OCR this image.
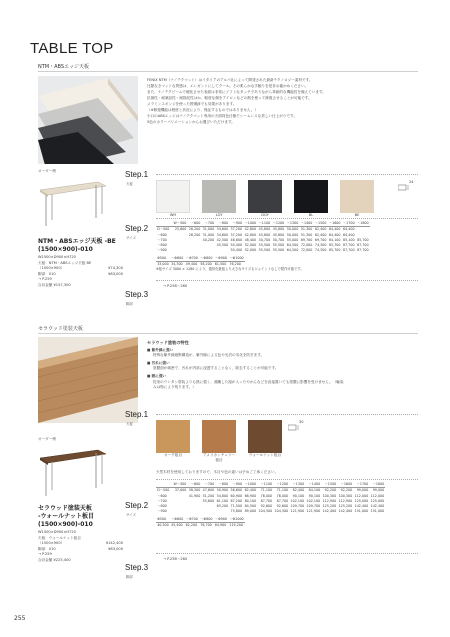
TABLE TOP
NTM・ABSエッジ天板
FENIX NTM（ナノテクマット）はイタリアのアルパ社によって開発された最新テクノロジー素材です。
比類なきマットな質感は、エレガントにしてクール。その柔らかな手触りを是非お確かめください。
また、ナノテクビームで硬化させた表面は非常にソフトなタッチでありながら革新的な機能性を備えています。
抗菌性・耐薬品性・耐指紋性はか、軽度な傷をアイロンなどの熱を使って修復させることが可能です。
メラミンスポンジを使った擦傷跡でも効果があります。
（※修復機能は程度と状況により、保証するものではありません。）
小口のABSエッジはナノテクマット専用の天面同色仕様でシームレスな美しい仕上がりです。
5色のカラーバリエーションからお選びいただけます。
オーダー例
NTM・ABSエッジ天板 -BE
(1500×900)-010
W1500×D900×H720
天板：NTM・ABSエッジ天板 BE
（1500×900）	¥74,300
脚部：010	¥83,000
→ P.259
合計金額 ¥157,300
Step.1
天板
WH	LGY	DGY	BL	BE
24
Step.2
サイズ
	W～500	～600	～700	～800	～900	～1000	～1100	～1200	～1300	～1400	～1500	～1600	～1700	～1800
D～500	25,600	26,200	31,000	34,600	37,200	42,800	45,800	45,800	50,000	51,300	62,400	64,400	64,400	
～600		26,200	31,000	34,600	37,200	42,800	45,800	45,800	50,000	51,300	62,400	64,400	64,400	
～700			40,200	42,500	46,800	48,400	50,700	50,700	55,000	69,700	69,700	84,100	85,100	85,700
～800				45,500	50,400	52,000	55,500	55,500	64,500	72,000	74,300	85,700	87,700	87,700
～900					50,400	52,000	55,500	55,500	64,500	72,000	74,300	85,700	87,700	87,700
Φ500	～Φ600	～Φ700	～Φ800	～Φ900	～Φ1000
33,000	34,300	49,400	58,200	61,500	76,200
※板サイズ 3000 × 1280 により、通常化粧板より大きなサイズもジョイントなしで製作可能です。
Step.3
脚部
→ P.258～260
セラウッド塗装天板
セラウッド塗装の特性
■ 紫外線に強い
特殊な紫外線遮断構造が、紫外線による色や光沢の劣化を防ぎます。
■ 汚れに強い
塗膜面が緻密で、汚れが内部に浸透することなく、除去することが可能です。
■ 熱に強い
従来のウレタン塗装よりも熱に強く、沸騰した湯が入ったやかんなどを直接置いても塗膜に影響を受けません。（輪染みは物により残ります。）
オーダー例
セラウッド塗装天板
-ウォールナット板目
(1500×900)-010
W1500×D900×H720
天板：ウォールナット板目
（1500×900）	¥142,400
脚部：010	¥83,000
→ P.259
合計金額 ¥225,400
Step.1
天板
オーク板目	アメリカンチェリー板目
ウォールナット板目
30
天然木材を使用しておりますので、木目や色の違いは予めご了承ください。
Step.2
サイズ
	W～500	～600	～700	～800	～900	～1000	～1100	～1200	～1300	～1400	～1500	～1600	～1700	～1800
D～500	37,000	38,300	47,600	50,900	56,600	62,400	71,100	71,100	82,400	84,100	92,200	92,200	99,000	99,000
～600		41,900	51,200	54,800	60,900	68,900	76,000	76,000	90,100	90,100	100,300	100,300	112,000	112,000
～700			55,600	61,100	67,200	80,100	87,700	87,700	102,100	102,100	112,900	112,900	125,000	125,000
～800				65,200	71,500	84,500	92,600	92,600	109,700	109,700	125,200	125,200	142,400	142,400
～900					75,800	89,000	104,300	104,300	121,900	121,900	142,400	142,400	151,000	151,000
Φ500	～Φ600	～Φ700	～Φ800	～Φ900	～Φ1000
40,500	45,400	62,200	76,700	84,900	119,200
Step.3
脚部
→ P.258～260
255
